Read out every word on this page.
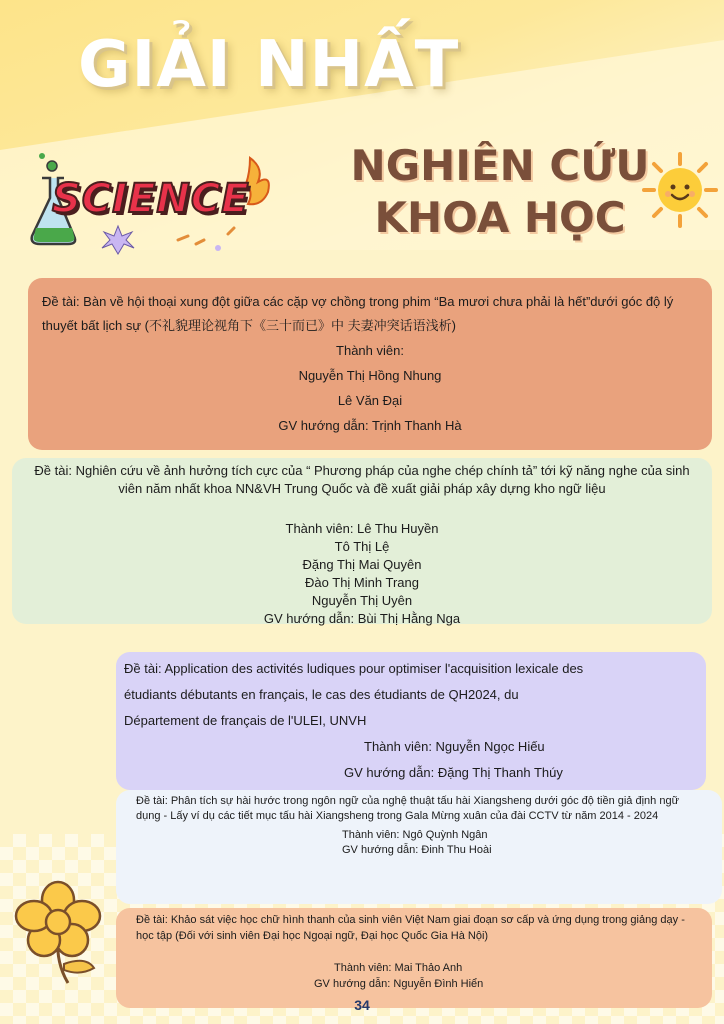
GIẢI NHẤT
SCIENCE
NGHIÊN CỨU
KHOA HỌC

Đề tài: Bàn về hội thoại xung đột giữa các cặp vợ chồng trong phim “Ba mươi chưa phải là hết”dưới góc độ lý thuyết bất lịch sự (不礼貌理论视角下《三十而已》中 夫妻冲突话语浅析)

Thành viên:

Nguyễn Thị Hồng Nhung

Lê Văn Đại

GV hướng dẫn: Trịnh Thanh Hà

Đề tài: Nghiên cứu về ảnh hưởng tích cực của “ Phương pháp của nghe chép chính tả” tới kỹ năng nghe của sinh viên năm nhất khoa NN&VH Trung Quốc và đề xuất giải pháp xây dựng kho ngữ liệu

Thành viên: Lê Thu Huyền

Tô Thị Lệ

Đặng Thị Mai Quyên

Đào Thị Minh Trang

Nguyễn Thị Uyên

GV hướng dẫn: Bùi Thị Hằng Nga

Đề tài: Application des activités ludiques pour optimiser l'acquisition lexicale des

étudiants débutants en français, le cas des étudiants de QH2024, du

Département de français de l'ULEI, UNVH

Thành viên: Nguyễn Ngọc Hiếu

GV hướng dẫn: Đặng Thị Thanh Thúy

Đề tài: Phân tích sự hài hước trong ngôn ngữ của nghệ thuật tấu hài Xiangsheng dưới góc độ tiền giả định ngữ dụng - Lấy ví dụ các tiết mục tấu hài Xiangsheng trong Gala Mừng xuân của đài CCTV từ năm 2014 - 2024

Thành viên: Ngô Quỳnh Ngân

GV hướng dẫn: Đinh Thu Hoài

Đề tài: Khảo sát việc học chữ hình thanh của sinh viên Việt Nam giai đoạn sơ cấp và ứng dụng trong giảng dạy - học tập (Đối với sinh viên Đại học Ngoại ngữ, Đại học Quốc Gia Hà Nội)

Thành viên: Mai Thảo Anh

GV hướng dẫn: Nguyễn Đình Hiển

34
